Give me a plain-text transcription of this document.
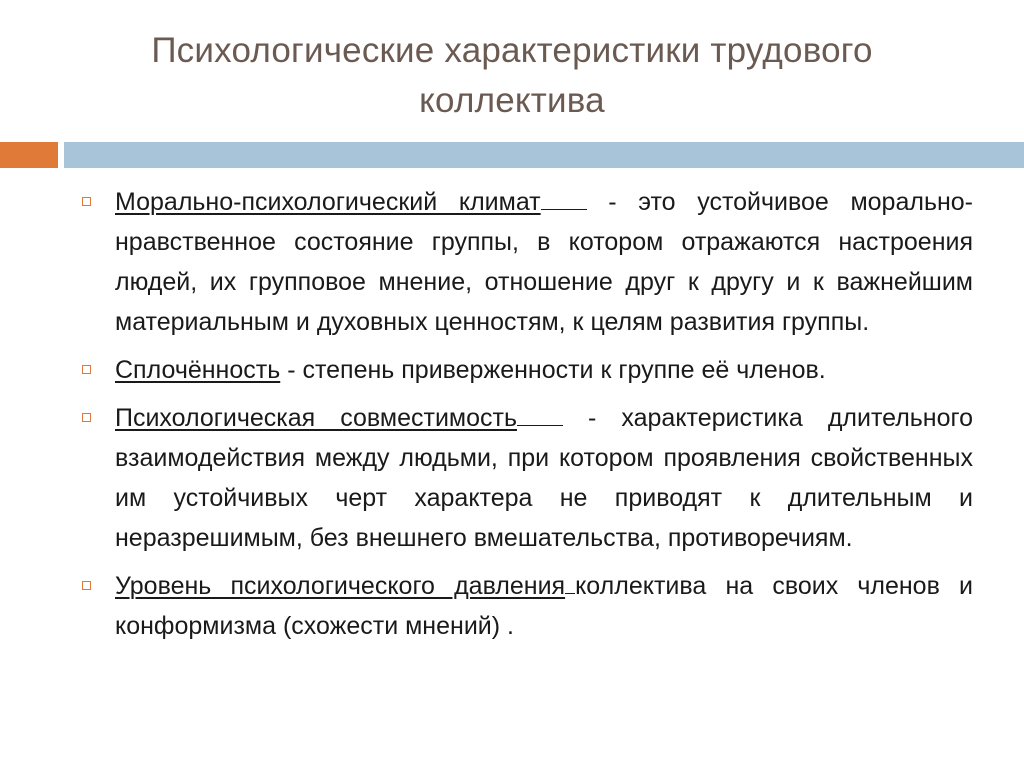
Психологические характеристики трудового коллектива
Морально-психологический климат	- это устойчивое морально-нравственное состояние группы, в котором отражаются настроения людей, их групповое мнение, отношение друг к другу и к важнейшим материальным и духовных ценностям, к целям развития группы.
Сплочённость - степень приверженности к группе её членов.
Психологическая совместимость	- характеристика длительного взаимодействия между людьми, при котором проявления свойственных им устойчивых черт характера не приводят к длительным и неразрешимым, без внешнего вмешательства, противоречиям.
Уровень психологического давления коллектива на своих членов и конформизма (схожести мнений) .
